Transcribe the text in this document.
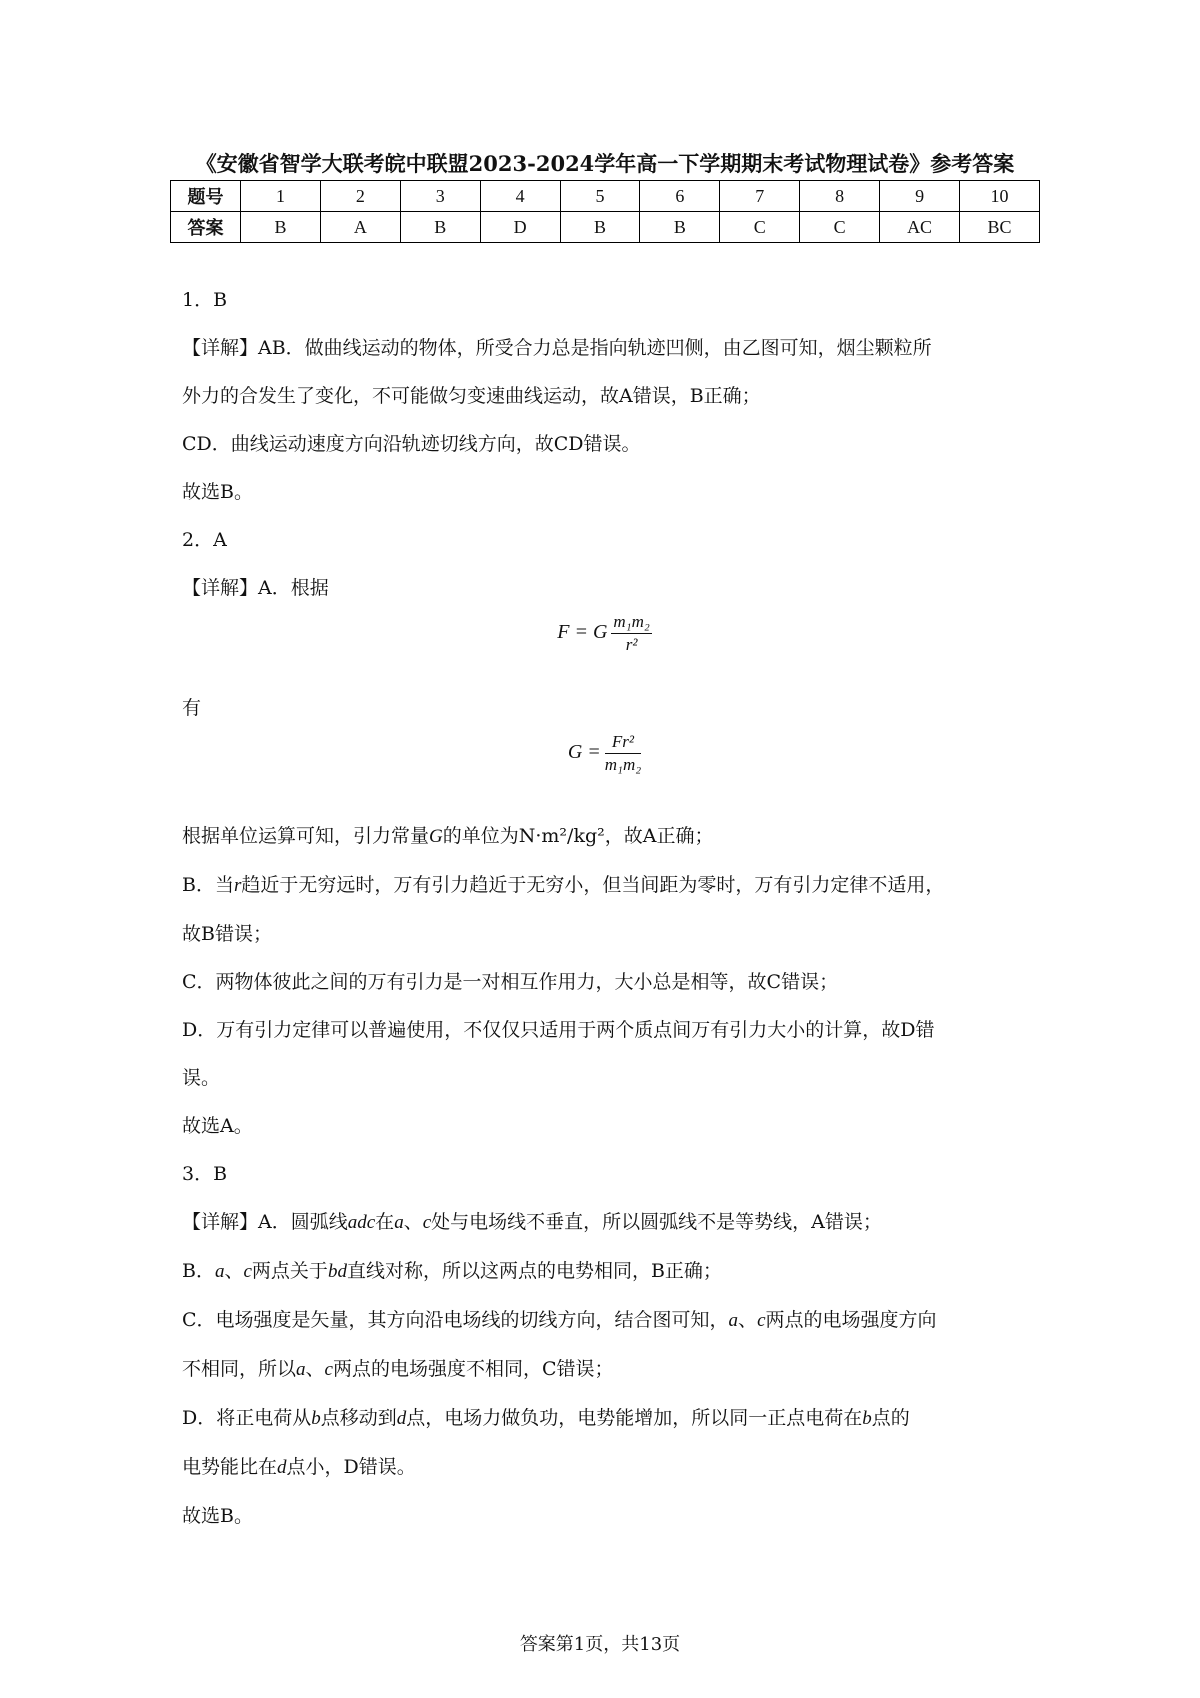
《安徽省智学大联考皖中联盟2023-2024学年高一下学期期末考试物理试卷》参考答案
题号	1	2	3	4	5	6	7	8	9	10
答案	B	A	B	D	B	B	C	C	AC	BC
1．B
【详解】AB．做曲线运动的物体，所受合力总是指向轨迹凹侧，由乙图可知，烟尘颗粒所
外力的合发生了变化，不可能做匀变速曲线运动，故A错误，B正确；
CD．曲线运动速度方向沿轨迹切线方向，故CD错误。
故选B。
2．A
【详解】A．根据
F = G $\frac{\text{m₁m₂}}{\text{r²}}$
有
$G = \frac{\text{Fr²}}{\text{m₁m₂}}$
根据单位运算可知，引力常量G的单位为N·m²/kg²，故A正确；
B．当r趋近于无穷远时，万有引力趋近于无穷小，但当间距为零时，万有引力定律不适用，
故B错误；
C．两物体彼此之间的万有引力是一对相互作用力，大小总是相等，故C错误；
D．万有引力定律可以普遍使用，不仅仅只适用于两个质点间万有引力大小的计算，故D错
误。
故选A。
3．B
【详解】A．圆弧线adc在a、c处与电场线不垂直，所以圆弧线不是等势线，A错误；
B．a、c两点关于bd直线对称，所以这两点的电势相同，B正确；
C．电场强度是矢量，其方向沿电场线的切线方向，结合图可知，a、c两点的电场强度方向
不相同，所以a、c两点的电场强度不相同，C错误；
D．将正电荷从b点移动到d点，电场力做负功，电势能增加，所以同一正点电荷在b点的
电势能比在d点小，D错误。
故选B。
答案第1页，共13页
